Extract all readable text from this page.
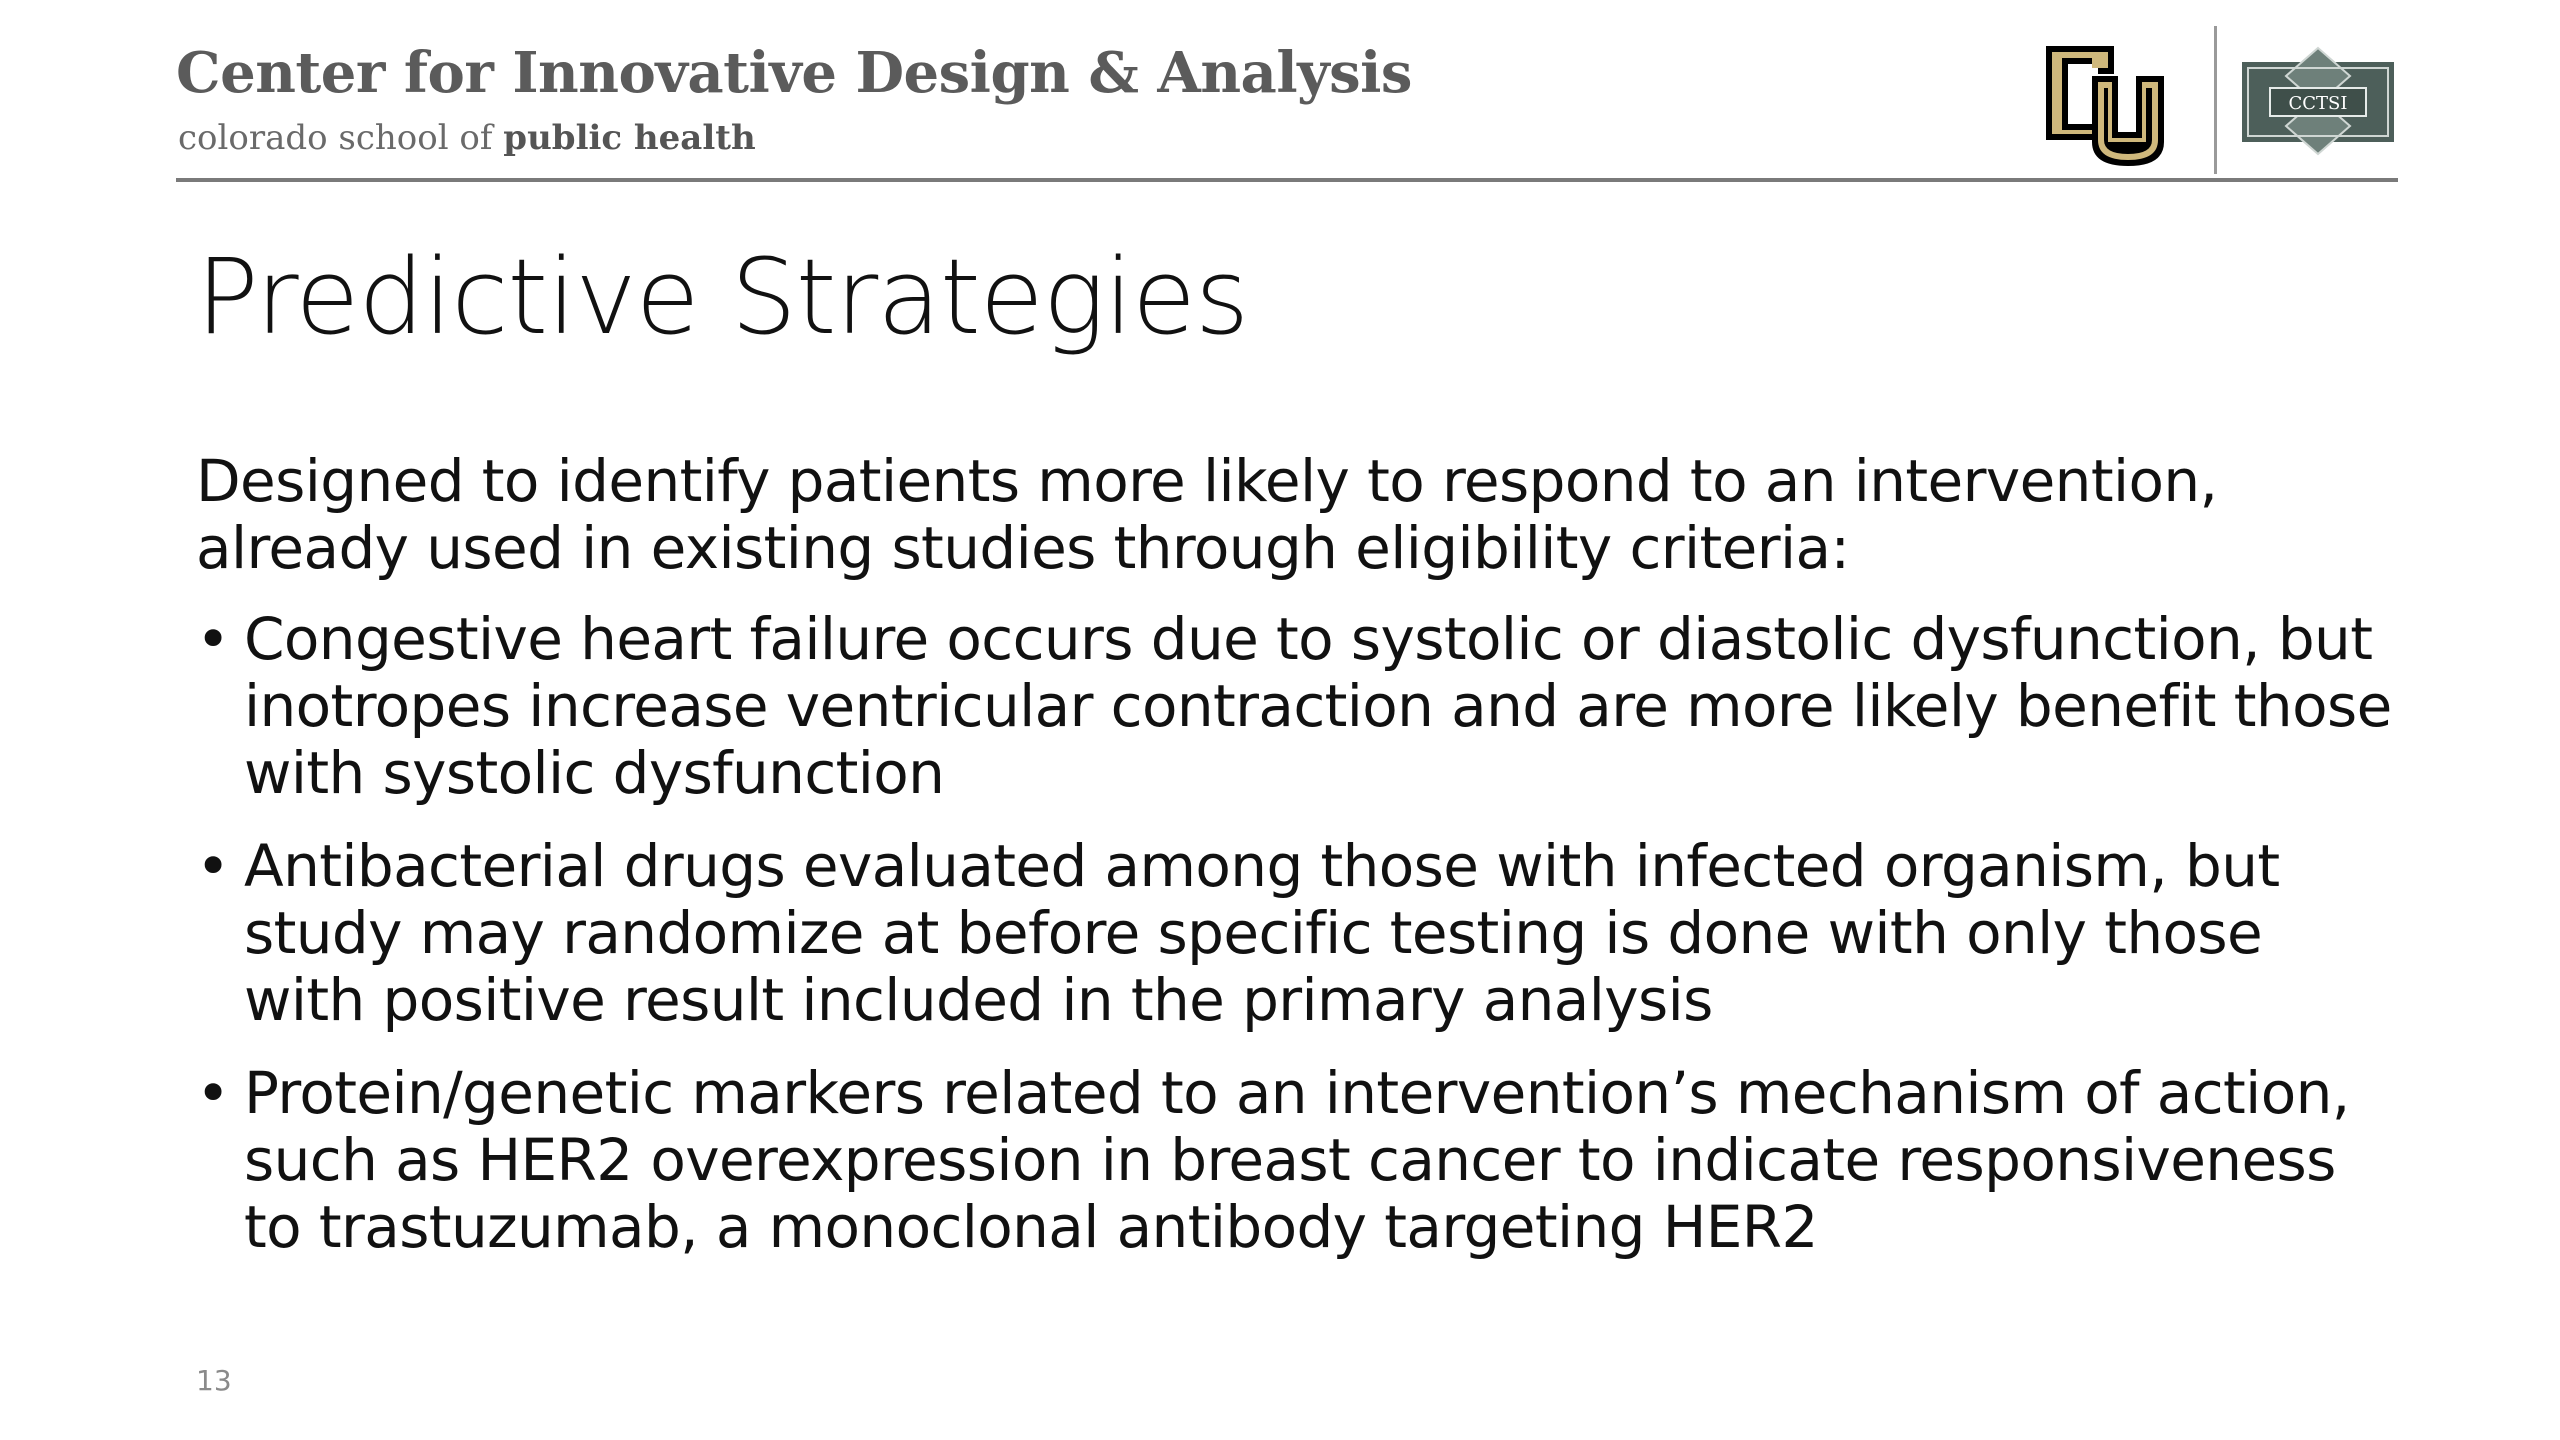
Center for Innovative Design & Analysis
colorado school of public health
CCTSI
Predictive Strategies

Designed to identify patients more likely to respond to an intervention, already used in existing studies through eligibility criteria:

• Congestive heart failure occurs due to systolic or diastolic dysfunction, but inotropes increase ventricular contraction and are more likely benefit those with systolic dysfunction
• Antibacterial drugs evaluated among those with infected organism, but study may randomize at before specific testing is done with only those with positive result included in the primary analysis
• Protein/genetic markers related to an intervention’s mechanism of action, such as HER2 overexpression in breast cancer to indicate responsiveness to trastuzumab, a monoclonal antibody targeting HER2
13
